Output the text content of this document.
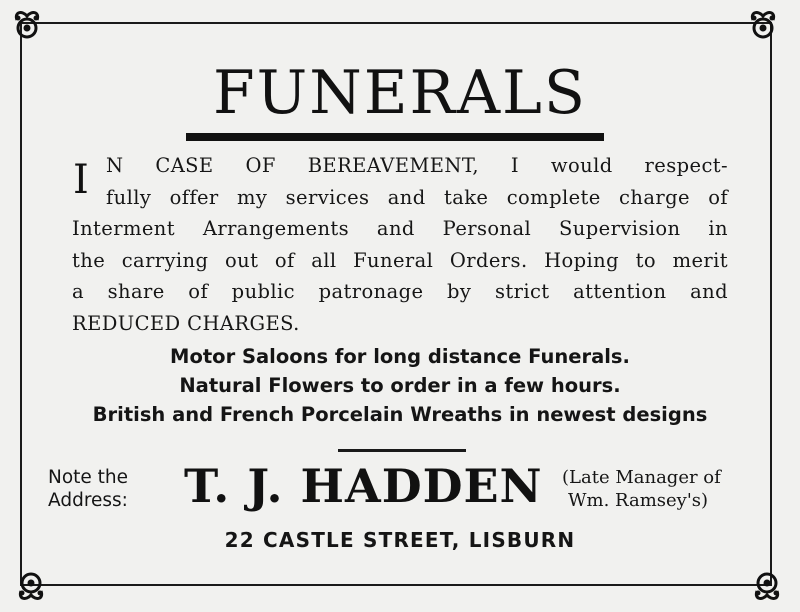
FUNERALS
I N CASE OF BEREAVEMENT, I would respect-
fully offer my services and take complete charge of
Interment Arrangements and Personal Supervision in
the carrying out of all Funeral Orders. Hoping to merit
a share of public patronage by strict attention and
REDUCED CHARGES.
Motor Saloons for long distance Funerals.
Natural Flowers to order in a few hours.
British and French Porcelain Wreaths in newest designs
Note the
Address: T. J. HADDEN (Late Manager of
Wm. Ramsey's)
22 CASTLE STREET, LISBURN
